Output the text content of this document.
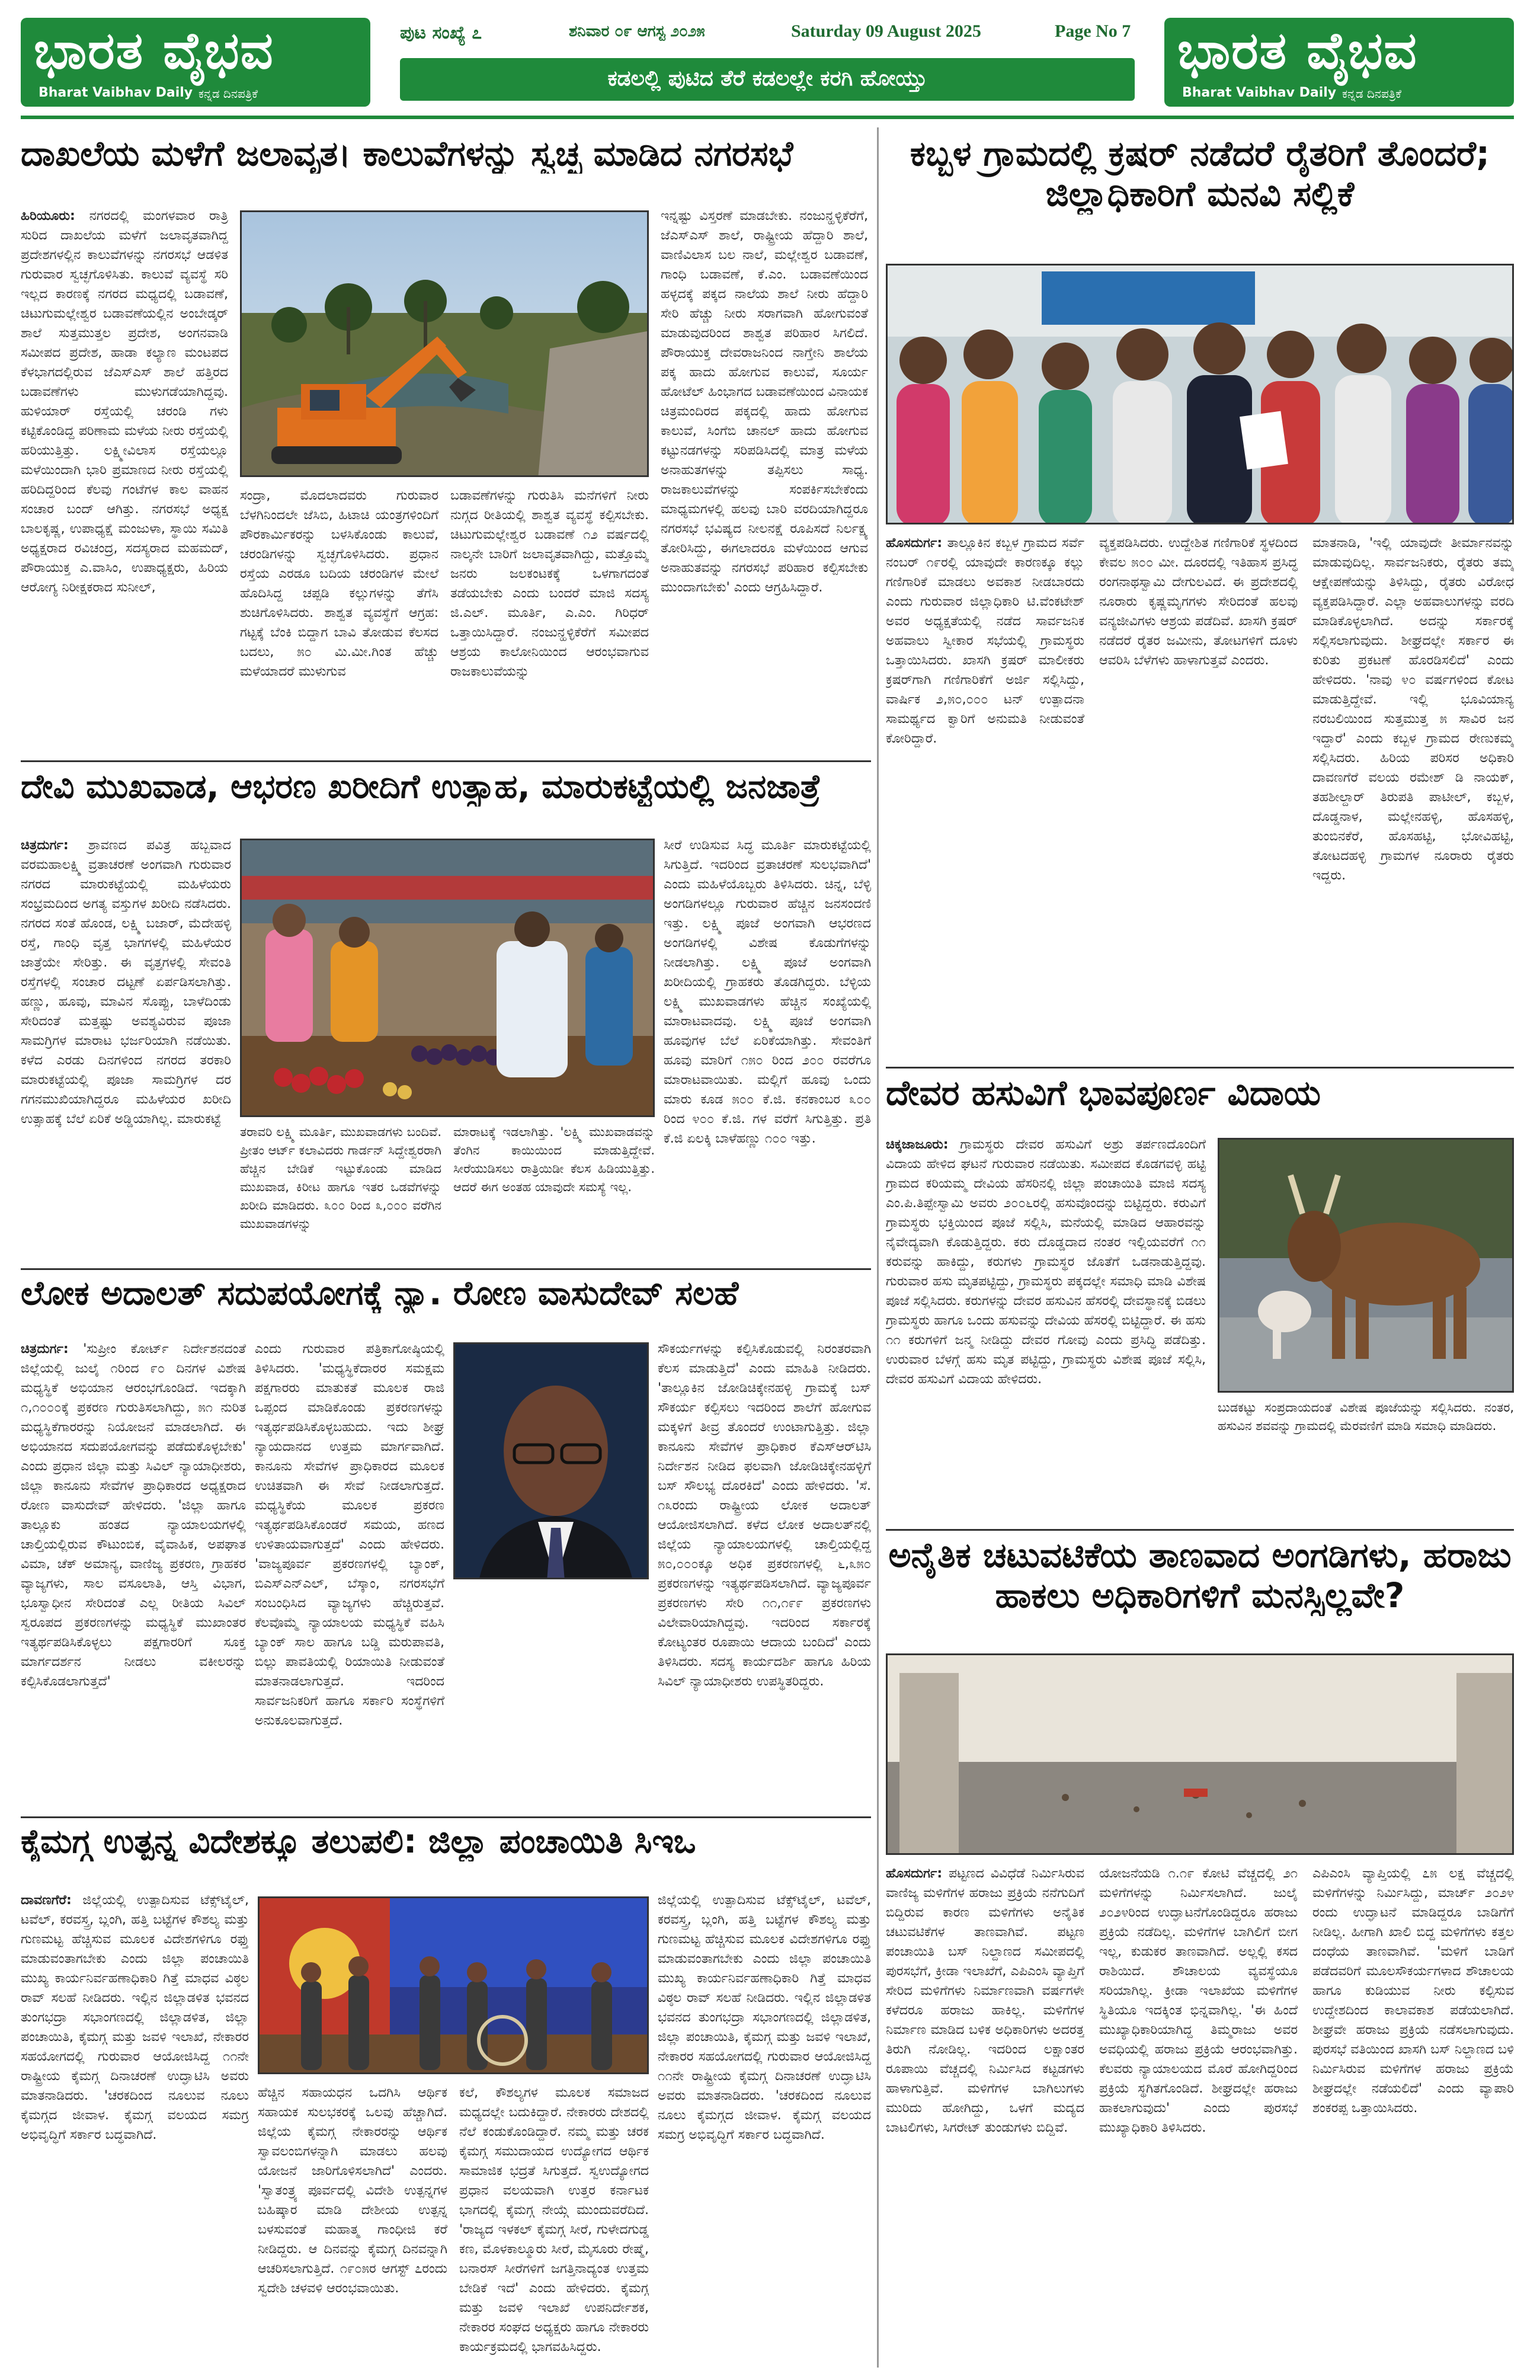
ಭಾರತ ವೈಭವ
Bharat Vaibhav Daily ಕನ್ನಡ ದಿನಪತ್ರಿಕೆ
ಪುಟ ಸಂಖ್ಯೆ ೭	ಶನಿವಾರ ೦೯ ಆಗಸ್ಟ ೨೦೨೫	Saturday 09 August 2025	Page No 7
ಕಡಲಲ್ಲಿ ಪುಟಿದ ತೆರೆ ಕಡಲಲ್ಲೇ ಕರಗಿ ಹೋಯ್ತು	ಭಾರತ ವೈಭವ
Bharat Vaibhav Daily ಕನ್ನಡ ದಿನಪತ್ರಿಕೆ
ದಾಖಲೆಯ ಮಳೆಗೆ ಜಲಾವೃತ। ಕಾಲುವೆಗಳನ್ನು ಸ್ವಚ್ಛ ಮಾಡಿದ ನಗರಸಭೆ
ಹಿರಿಯೂರು: ನಗರದಲ್ಲಿ ಮಂಗಳವಾರ ರಾತ್ರಿ ಸುರಿದ ದಾಖಲೆಯ ಮಳೆಗೆ ಜಲಾವೃತವಾಗಿದ್ದ ಪ್ರದೇಶಗಳಲ್ಲಿನ ಕಾಲುವೆಗಳನ್ನು ನಗರಸಭೆ ಆಡಳಿತ ಗುರುವಾರ ಸ್ವಚ್ಛಗೊಳಿಸಿತು. ಕಾಲುವೆ ವ್ಯವಸ್ಥೆ ಸರಿ ಇಲ್ಲದ ಕಾರಣಕ್ಕೆ ನಗರದ ಮಧ್ಯದಲ್ಲಿ ಬಡಾವಣೆ, ಚಿಟುಗುಮಲ್ಲೇಶ್ವರ ಬಡಾವಣೆಯಲ್ಲಿನ ಅಂಬೇಡ್ಕರ್ ಶಾಲೆ ಸುತ್ತಮುತ್ತಲ ಪ್ರದೇಶ, ಅಂಗನವಾಡಿ ಸಮೀಪದ ಪ್ರದೇಶ, ಹಾಡಾ ಕಲ್ಯಾಣ ಮಂಟಪದ ಕೆಳಭಾಗದಲ್ಲಿರುವ ಜೆಎಸ್ಎಸ್ ಶಾಲೆ ಹತ್ತಿರದ ಬಡಾವಣೆಗಳು ಮುಳುಗಡೆಯಾಗಿದ್ದವು. ಹುಳಿಯಾರ್ ರಸ್ತೆಯಲ್ಲಿ ಚರಂಡಿ ಗಳು ಕಟ್ಟಿಕೊಂಡಿದ್ದ ಪರಿಣಾಮ ಮಳೆಯ ನೀರು ರಸ್ತೆಯಲ್ಲಿ ಹರಿಯುತ್ತಿತ್ತು. ಲಕ್ಷ್ಮೀವಿಲಾಸ ರಸ್ತೆಯಲ್ಲೂ ಮಳೆಯಿಂದಾಗಿ ಭಾರಿ ಪ್ರಮಾಣದ ನೀರು ರಸ್ತೆಯಲ್ಲಿ ಹರಿದಿದ್ದರಿಂದ ಕೆಲವು ಗಂಟೆಗಳ ಕಾಲ ವಾಹನ ಸಂಚಾರ ಬಂದ್ ಆಗಿತ್ತು. ನಗರಸಭೆ ಅಧ್ಯಕ್ಷ ಬಾಲಕೃಷ್ಣ, ಉಪಾಧ್ಯಕ್ಷೆ ಮಂಜುಳಾ, ಸ್ಥಾಯಿ ಸಮಿತಿ ಅಧ್ಯಕ್ಷರಾದ ರವಿಚಂದ್ರ, ಸದಸ್ಯರಾದ ಮಹಮದ್, ಪೌರಾಯುಕ್ತ ಎ.ವಾಸಿಂ, ಉಪಾಧ್ಯಕ್ಷರು, ಹಿರಿಯ ಆರೋಗ್ಯ ನಿರೀಕ್ಷಕರಾದ ಸುನೀಲ್,
ಸಂದ್ರಾ, ಮೊದಲಾದವರು ಗುರುವಾರ ಬೆಳಗಿನಿಂದಲೇ ಜೆಸಿಬಿ, ಹಿಟಾಚಿ ಯಂತ್ರಗಳಿಂದಿಗೆ ಪೌರಕಾರ್ಮಿಕರನ್ನು ಬಳಸಿಕೊಂಡು ಕಾಲುವೆ, ಚರಂಡಿಗಳನ್ನು ಸ್ವಚ್ಛಗೊಳಿಸಿದರು. ಪ್ರಧಾನ ರಸ್ತೆಯ ಎರಡೂ ಬದಿಯ ಚರಂಡಿಗಳ ಮೇಲೆ ಹೊದಿಸಿದ್ದ ಚಪ್ಪಡಿ ಕಲ್ಲುಗಳನ್ನು ತೆಗೆಸಿ ಶುಚಿಗೊಳಿಸಿದರು. ಶಾಶ್ವತ ವ್ಯವಸ್ಥೆಗೆ ಆಗ್ರಹ: ಗಟ್ಟಕ್ಕೆ ಬೆಂಕಿ ಬಿದ್ದಾಗ ಬಾವಿ ತೋಡುವ ಕೆಲಸದ ಬದಲು, ೫೦ ಮಿ.ಮೀ.ಗಿಂತ ಹೆಚ್ಚು ಮಳೆಯಾದರೆ ಮುಳುಗುವ
ಬಡಾವಣೆಗಳನ್ನು ಗುರುತಿಸಿ ಮನೆಗಳಿಗೆ ನೀರು ನುಗ್ಗದ ರೀತಿಯಲ್ಲಿ ಶಾಶ್ವತ ವ್ಯವಸ್ಥೆ ಕಲ್ಪಿಸಬೇಕು. ಚಿಟುಗುಮಲ್ಲೇಶ್ವರ ಬಡಾವಣೆ ೧೨ ವರ್ಷದಲ್ಲಿ ನಾಲ್ಕನೇ ಬಾರಿಗೆ ಜಲಾವೃತವಾಗಿದ್ದು, ಮತ್ತೊಮ್ಮೆ ಜನರು ಜಲಕಂಟಕಕ್ಕೆ ಒಳಗಾಗದಂತೆ ತಡೆಯಬೇಕು ಎಂದು ಬಂದರೆ ಮಾಜಿ ಸದಸ್ಯ ಜಿ.ಎಲ್. ಮೂರ್ತಿ, ಎ.ಎಂ. ಗಿರಿಧರ್ ಒತ್ತಾಯಿಸಿದ್ದಾರೆ. ನಂಜುನ್ಹಳ್ಳಿಕೆರೆಗೆ ಸಮೀಪದ ಆಶ್ರಯ ಕಾಲೋನಿಯಿಂದ ಆರಂಭವಾಗುವ ರಾಜಕಾಲುವೆಯನ್ನು
ಇನ್ನಷ್ಟು ವಿಸ್ತರಣೆ ಮಾಡಬೇಕು. ನಂಜುನ್ಹಳ್ಳಿಕೆರೆಗೆ, ಜೆಎಸ್ಎಸ್ ಶಾಲೆ, ರಾಷ್ಟ್ರೀಯ ಹೆದ್ದಾರಿ ಶಾಲೆ, ವಾಣಿವಿಲಾಸ ಬಲ ನಾಲೆ, ಮಲ್ಲೇಶ್ವರ ಬಡಾವಣೆ, ಗಾಂಧಿ ಬಡಾವಣೆ, ಕೆ.ಎಂ. ಬಡಾವಣೆಯಿಂದ ಹಳ್ಳದಕ್ಕೆ ಪಕ್ಕದ ನಾಲೆಯ ಶಾಲೆ ನೀರು ಹೆದ್ದಾರಿ ಸೇರಿ ಹೆಚ್ಚು ನೀರು ಸರಾಗವಾಗಿ ಹೋಗುವಂತೆ ಮಾಡುವುದರಿಂದ ಶಾಶ್ವತ ಪರಿಹಾರ ಸಿಗಲಿದೆ. ಪೌರಾಯುಕ್ತ ದೇವರಾಜನಿಂದ ನಾಗ್ತೇನಿ ಶಾಲೆಯ ಪಕ್ಕ ಹಾದು ಹೋಗುವ ಕಾಲುವೆ, ಸೂರ್ಯ ಹೋಟೆಲ್ ಹಿಂಭಾಗದ ಬಡಾವಣೆಯಿಂದ ವಿನಾಯಕ ಚಿತ್ರಮಂದಿರದ ಪಕ್ಕದಲ್ಲಿ ಹಾದು ಹೋಗುವ ಕಾಲುವೆ, ಸಿಂಗೆಬಿ ಚಾನಲ್ ಹಾದು ಹೋಗುವ ಕಟ್ಟುನಡಗಳನ್ನು ಸರಿಪಡಿಸಿದಲ್ಲಿ ಮಾತ್ರ ಮಳೆಯ ಅನಾಹುತಗಳನ್ನು ತಪ್ಪಿಸಲು ಸಾಧ್ಯ. ರಾಜಕಾಲುವೆಗಳನ್ನು ಸಂಪರ್ಕಿಸಬೇಕೆಂದು ಮಾಧ್ಯಮಗಳಲ್ಲಿ ಹಲವು ಬಾರಿ ವರದಿಯಾಗಿದ್ದರೂ ನಗರಸಭೆ ಭವಿಷ್ಯದ ನೀಲನಕ್ಷೆ ರೂಪಿಸದೆ ನಿರ್ಲಕ್ಷ್ಯ ತೋರಿಸಿದ್ದು, ಈಗಲಾದರೂ ಮಳೆಯಿಂದ ಆಗುವ ಅನಾಹುತವನ್ನು ನಗರಸಭೆ ಪರಿಹಾರ ಕಲ್ಪಿಸಬೇಕು ಮುಂದಾಗಬೇಕು' ಎಂದು ಆಗ್ರಹಿಸಿದ್ದಾರೆ.
ದೇವಿ ಮುಖವಾಡ, ಆಭರಣ ಖರೀದಿಗೆ ಉತ್ಸಾಹ, ಮಾರುಕಟ್ಟೆಯಲ್ಲಿ ಜನಜಾತ್ರೆ
ಚಿತ್ರದುರ್ಗ: ಶ್ರಾವಣದ ಪವಿತ್ರ ಹಬ್ಬವಾದ ವರಮಹಾಲಕ್ಷ್ಮಿ ವ್ರತಾಚರಣೆ ಅಂಗವಾಗಿ ಗುರುವಾರ ನಗರದ ಮಾರುಕಟ್ಟೆಯಲ್ಲಿ ಮಹಿಳೆಯರು ಸಂಭ್ರಮದಿಂದ ಅಗತ್ಯ ವಸ್ತುಗಳ ಖರೀದಿ ನಡೆಸಿದರು. ನಗರದ ಸಂತೆ ಹೊಂಡ, ಲಕ್ಷ್ಮಿ ಬಜಾರ್, ಮೆದೇಹಳ್ಳಿ ರಸ್ತೆ, ಗಾಂಧಿ ವೃತ್ತ ಭಾಗಗಳಲ್ಲಿ ಮಹಿಳೆಯರ ಜಾತ್ರೆಯೇ ಸೇರಿತ್ತು. ಈ ವೃತ್ತಗಳಲ್ಲಿ ಸೇವಂತಿ ರಸ್ತೆಗಳಲ್ಲಿ ಸಂಚಾರ ದಟ್ಟಣೆ ಏರ್ಪಡಿಸಲಾಗಿತ್ತು. ಹಣ್ಣು, ಹೂವು, ಮಾವಿನ ಸೊಪ್ಪು, ಬಾಳೆದಿಂಡು ಸೇರಿದಂತೆ ಮತ್ತಷ್ಟು ಅವಶ್ಯವಿರುವ ಪೂಜಾ ಸಾಮಗ್ರಿಗಳ ಮಾರಾಟ ಭರ್ಜರಿಯಾಗಿ ನಡೆಯಿತು. ಕಳೆದ ಎರಡು ದಿನಗಳಿಂದ ನಗರದ ತರಕಾರಿ ಮಾರುಕಟ್ಟೆಯಲ್ಲಿ ಪೂಜಾ ಸಾಮಗ್ರಿಗಳ ದರ ಗಗನಮುಖಿಯಾಗಿದ್ದರೂ ಮಹಿಳೆಯರ ಖರೀದಿ ಉತ್ಸಾಹಕ್ಕೆ ಬೆಲೆ ಏರಿಕೆ ಅಡ್ಡಿಯಾಗಿಲ್ಲ. ಮಾರುಕಟ್ಟೆ
ತರಾವರಿ ಲಕ್ಷ್ಮಿ ಮೂರ್ತಿ, ಮುಖವಾಡಗಳು ಬಂದಿವೆ. ಪ್ರೀತಂ ಆರ್ಟ್ ಕಲಾವಿದರು ಗಾರ್ಡನ್ ಸಿದ್ದೇಶ್ವರರಾಗಿ ಹೆಚ್ಚಿನ ಬೇಡಿಕೆ ಇಟ್ಟುಕೊಂಡು ಮಾಡಿದ ಮುಖವಾಡ, ಕಿರೀಟ ಹಾಗೂ ಇತರ ಒಡವೆಗಳನ್ನು ಖರೀದಿ ಮಾಡಿದರು. ೩೦೦ ರಿಂದ ೩,೦೦೦ ವರೆಗಿನ ಮುಖವಾಡಗಳನ್ನು
ಮಾರಾಟಕ್ಕೆ ಇಡಲಾಗಿತ್ತು. 'ಲಕ್ಷ್ಮಿ ಮುಖವಾಡವನ್ನು ತೆಂಗಿನ ಕಾಯಿಯಿಂದ ಮಾಡುತ್ತಿದ್ದೇವೆ. ಸೀರೆಯುಡಿಸಲು ರಾತ್ರಿಯಿಡೀ ಕೆಲಸ ಹಿಡಿಯುತ್ತಿತ್ತು. ಆದರೆ ಈಗ ಅಂತಹ ಯಾವುದೇ ಸಮಸ್ಯೆ ಇಲ್ಲ.
ಸೀರೆ ಉಡಿಸುವ ಸಿದ್ಧ ಮೂರ್ತಿ ಮಾರುಕಟ್ಟೆಯಲ್ಲಿ ಸಿಗುತ್ತಿದೆ. ಇದರಿಂದ ವ್ರತಾಚರಣೆ ಸುಲಭವಾಗಿದೆ' ಎಂದು ಮಹಿಳೆಯೊಬ್ಬರು ತಿಳಿಸಿದರು. ಚಿನ್ನ, ಬೆಳ್ಳಿ ಅಂಗಡಿಗಳಲ್ಲೂ ಗುರುವಾರ ಹೆಚ್ಚಿನ ಜನಸಂದಣಿ ಇತ್ತು. ಲಕ್ಷ್ಮಿ ಪೂಜೆ ಅಂಗವಾಗಿ ಆಭರಣದ ಅಂಗಡಿಗಳಲ್ಲಿ ವಿಶೇಷ ಕೊಡುಗೆಗಳನ್ನು ನೀಡಲಾಗಿತ್ತು. ಲಕ್ಷ್ಮಿ ಪೂಜೆ ಅಂಗವಾಗಿ ಖರೀದಿಯಲ್ಲಿ ಗ್ರಾಹಕರು ತೊಡಗಿದ್ದರು. ಬೆಳ್ಳಿಯ ಲಕ್ಷ್ಮಿ ಮುಖವಾಡಗಳು ಹೆಚ್ಚಿನ ಸಂಖ್ಯೆಯಲ್ಲಿ ಮಾರಾಟವಾದವು. ಲಕ್ಷ್ಮಿ ಪೂಜೆ ಅಂಗವಾಗಿ ಹೂವುಗಳ ಬೆಲೆ ಏರಿಕೆಯಾಗಿತ್ತು. ಸೇವಂತಿಗೆ ಹೂವು ಮಾರಿಗೆ ೧೫೦ ರಿಂದ ೨೦೦ ರವರೆಗೂ ಮಾರಾಟವಾಯಿತು. ಮಲ್ಲಿಗೆ ಹೂವು ಒಂದು ಮಾರು ಕೂಡ ೫೦೦ ಕೆ.ಜಿ. ಕನಕಾಂಬರ ೩೦೦ ರಿಂದ ೪೦೦ ಕೆ.ಜಿ. ಗಳ ವರೆಗೆ ಸಿಗುತ್ತಿತ್ತು. ಪ್ರತಿ ಕೆ.ಜಿ ಏಲಕ್ಕಿ ಬಾಳೆಹಣ್ಣು ೧೦೦ ಇತ್ತು.
ಲೋಕ ಅದಾಲತ್ ಸದುಪಯೋಗಕ್ಕೆ ನ್ಯಾ. ರೋಣ ವಾಸುದೇವ್ ಸಲಹೆ
ಚಿತ್ರದುರ್ಗ: 'ಸುಪ್ರೀಂ ಕೋರ್ಟ್ ನಿರ್ದೇಶನದಂತೆ ಜಿಲ್ಲೆಯಲ್ಲಿ ಜುಲೈ ೧ರಿಂದ ೯೦ ದಿನಗಳ ವಿಶೇಷ ಮಧ್ಯಸ್ಥಿಕೆ ಅಭಿಯಾನ ಆರಂಭಗೊಂಡಿದೆ. ಇದಕ್ಕಾಗಿ ೧,೧೦೦೦ಕ್ಕೆ ಪ್ರಕರಣ ಗುರುತಿಸಲಾಗಿದ್ದು, ೫೧ ನುರಿತ ಮಧ್ಯಸ್ಥಿಕೆಗಾರರನ್ನು ನಿಯೋಜನೆ ಮಾಡಲಾಗಿದೆ. ಈ ಅಭಿಯಾನದ ಸದುಪಯೋಗವನ್ನು ಪಡೆದುಕೊಳ್ಳಬೇಕು' ಎಂದು ಪ್ರಧಾನ ಜಿಲ್ಲಾ ಮತ್ತು ಸಿವಿಲ್ ನ್ಯಾಯಾಧೀಶರು, ಜಿಲ್ಲಾ ಕಾನೂನು ಸೇವೆಗಳ ಪ್ರಾಧಿಕಾರದ ಅಧ್ಯಕ್ಷರಾದ ರೋಣ ವಾಸುದೇವ್ ಹೇಳಿದರು. 'ಜಿಲ್ಲಾ ಹಾಗೂ ತಾಲ್ಲೂಕು ಹಂತದ ನ್ಯಾಯಾಲಯಗಳಲ್ಲಿ ಚಾಲ್ತಿಯಲ್ಲಿರುವ ಕೌಟುಂಬಿಕ, ವೈವಾಹಿಕ, ಅಪಘಾತ ವಿಮಾ, ಚೆಕ್ ಅಮಾನ್ಯ, ವಾಣಿಜ್ಯ ಪ್ರಕರಣ, ಗ್ರಾಹಕರ ವ್ಯಾಜ್ಯಗಳು, ಸಾಲ ವಸೂಲಾತಿ, ಆಸ್ತಿ ವಿಭಾಗ, ಭೂಸ್ವಾಧೀನ ಸೇರಿದಂತೆ ಎಲ್ಲ ರೀತಿಯ ಸಿವಿಲ್ ಸ್ವರೂಪದ ಪ್ರಕರಣಗಳನ್ನು ಮಧ್ಯಸ್ಥಿಕೆ ಮುಖಾಂತರ ಇತ್ಯರ್ಥಪಡಿಸಿಕೊಳ್ಳಲು ಪಕ್ಷಗಾರರಿಗೆ ಸೂಕ್ತ ಮಾರ್ಗದರ್ಶನ ನೀಡಲು ವಕೀಲರನ್ನು ಕಲ್ಪಿಸಿಕೊಡಲಾಗುತ್ತದೆ'
ಎಂದು ಗುರುವಾರ ಪತ್ರಿಕಾಗೋಷ್ಠಿಯಲ್ಲಿ ತಿಳಿಸಿದರು. 'ಮಧ್ಯಸ್ಥಿಕೆದಾರರ ಸಮಕ್ಷಮ ಪಕ್ಷಗಾರರು ಮಾತುಕತೆ ಮೂಲಕ ರಾಜಿ ಒಪ್ಪಂದ ಮಾಡಿಕೊಂಡು ಪ್ರಕರಣಗಳನ್ನು ಇತ್ಯರ್ಥಪಡಿಸಿಕೊಳ್ಳಬಹುದು. ಇದು ಶೀಘ್ರ ನ್ಯಾಯದಾನದ ಉತ್ತಮ ಮಾರ್ಗವಾಗಿದೆ. ಕಾನೂನು ಸೇವೆಗಳ ಪ್ರಾಧಿಕಾರದ ಮೂಲಕ ಉಚಿತವಾಗಿ ಈ ಸೇವೆ ನೀಡಲಾಗುತ್ತದೆ. ಮಧ್ಯಸ್ಥಿಕೆಯ ಮೂಲಕ ಪ್ರಕರಣ ಇತ್ಯರ್ಥಪಡಿಸಿಕೊಂಡರೆ ಸಮಯ, ಹಣದ ಉಳಿತಾಯವಾಗುತ್ತದೆ' ಎಂದು ಹೇಳಿದರು. 'ವಾಜ್ಯಪೂರ್ವ ಪ್ರಕರಣಗಳಲ್ಲಿ ಬ್ಯಾಂಕ್, ಬಿಎಸ್ಎನ್ಎಲ್, ಬೆಸ್ಕಾಂ, ನಗರಸಭೆಗೆ ಸಂಬಂಧಿಸಿದ ವ್ಯಾಜ್ಯಗಳು ಹೆಚ್ಚಿರುತ್ತವೆ. ಕೆಲವೊಮ್ಮೆ ನ್ಯಾಯಾಲಯ ಮಧ್ಯಸ್ಥಿಕೆ ವಹಿಸಿ ಬ್ಯಾಂಕ್ ಸಾಲ ಹಾಗೂ ಬಡ್ಡಿ ಮರುಪಾವತಿ, ಬಿಲ್ಲು ಪಾವತಿಯಲ್ಲಿ ರಿಯಾಯಿತಿ ನೀಡುವಂತೆ ಮಾತನಾಡಲಾಗುತ್ತದೆ. ಇದರಿಂದ ಸಾರ್ವಜನಿಕರಿಗೆ ಹಾಗೂ ಸರ್ಕಾರಿ ಸಂಸ್ಥೆಗಳಿಗೆ ಅನುಕೂಲವಾಗುತ್ತದೆ.
ಸೌಕರ್ಯಗಳನ್ನು ಕಲ್ಪಿಸಿಕೊಡುವಲ್ಲಿ ನಿರಂತರವಾಗಿ ಕೆಲಸ ಮಾಡುತ್ತಿದೆ' ಎಂದು ಮಾಹಿತಿ ನೀಡಿದರು. 'ತಾಲ್ಲೂಕಿನ ಜೋಡಿಚಿಕ್ಕೇನಹಳ್ಳಿ ಗ್ರಾಮಕ್ಕೆ ಬಸ್ ಸೌಕರ್ಯ ಕಲ್ಪಿಸಲು ಇದರಿಂದ ಶಾಲೆಗೆ ಹೋಗುವ ಮಕ್ಕಳಿಗೆ ತೀವ್ರ ತೊಂದರೆ ಉಂಟಾಗುತ್ತಿತ್ತು. ಜಿಲ್ಲಾ ಕಾನೂನು ಸೇವೆಗಳ ಪ್ರಾಧಿಕಾರ ಕೆಎಸ್ಆರ್‌ಟಿಸಿ ನಿರ್ದೇಶನ ನೀಡಿದ ಫಲವಾಗಿ ಜೋಡಿಚಿಕ್ಕೇನಹಳ್ಳಿಗೆ ಬಸ್ ಸೌಲಭ್ಯ ದೊರಕಿದೆ' ಎಂದು ಹೇಳಿದರು. 'ಸೆ. ೧೩ರಂದು ರಾಷ್ಟ್ರೀಯ ಲೋಕ ಅದಾಲತ್ ಆಯೋಜಿಸಲಾಗಿದೆ. ಕಳೆದ ಲೋಕ ಅದಾಲತ್‌ನಲ್ಲಿ ಜಿಲ್ಲೆಯ ನ್ಯಾಯಾಲಯಗಳಲ್ಲಿ ಚಾಲ್ತಿಯಲ್ಲಿದ್ದ ೫೦,೦೦೦ಕ್ಕೂ ಅಧಿಕ ಪ್ರಕರಣಗಳಲ್ಲಿ ೬,೩೫೦ ಪ್ರಕರಣಗಳನ್ನು ಇತ್ಯರ್ಥಪಡಿಸಲಾಗಿದೆ. ವ್ಯಾಜ್ಯಪೂರ್ವ ಪ್ರಕರಣಗಳು ಸೇರಿ ೧೧,೧೯೯ ಪ್ರಕರಣಗಳು ವಿಲೇವಾರಿಯಾಗಿದ್ದವು. ಇದರಿಂದ ಸರ್ಕಾರಕ್ಕೆ ಕೋಟ್ಯಂತರ ರೂಪಾಯಿ ಆದಾಯ ಬಂದಿದೆ' ಎಂದು ತಿಳಿಸಿದರು. ಸದಸ್ಯ ಕಾರ್ಯದರ್ಶಿ ಹಾಗೂ ಹಿರಿಯ ಸಿವಿಲ್ ನ್ಯಾಯಾಧೀಶರು ಉಪಸ್ಥಿತರಿದ್ದರು.
ಕೈಮಗ್ಗ ಉತ್ಪನ್ನ ವಿದೇಶಕ್ಕೂ ತಲುಪಲಿ: ಜಿಲ್ಲಾ ಪಂಚಾಯಿತಿ ಸಿಇಒ
ದಾವಣಗೆರೆ: ಜಿಲ್ಲೆಯಲ್ಲಿ ಉತ್ಪಾದಿಸುವ ಟೆಕ್ಸ್‌ಟೈಲ್, ಟವೆಲ್, ಕರವಸ್ತ್ರ, ಬ್ಲಂಗಿ, ಹತ್ತಿ ಬಟ್ಟೆಗಳ ಕೌಶಲ್ಯ ಮತ್ತು ಗುಣಮಟ್ಟ ಹೆಚ್ಚಿಸುವ ಮೂಲಕ ವಿದೇಶಗಳಿಗೂ ರಫ್ತು ಮಾಡುವಂತಾಗಬೇಕು ಎಂದು ಜಿಲ್ಲಾ ಪಂಚಾಯಿತಿ ಮುಖ್ಯ ಕಾರ್ಯನಿರ್ವಹಣಾಧಿಕಾರಿ ಗಿತ್ತೆ ಮಾಧವ ವಿಠ್ಠಲ ರಾವ್ ಸಲಹೆ ನೀಡಿದರು. ಇಲ್ಲಿನ ಜಿಲ್ಲಾಡಳಿತ ಭವನದ ತುಂಗಭದ್ರಾ ಸಭಾಂಗಣದಲ್ಲಿ ಜಿಲ್ಲಾಡಳಿತ, ಜಿಲ್ಲಾ ಪಂಚಾಯಿತಿ, ಕೈಮಗ್ಗ ಮತ್ತು ಜವಳಿ ಇಲಾಖೆ, ನೇಕಾರರ ಸಹಯೋಗದಲ್ಲಿ ಗುರುವಾರ ಆಯೋಜಿಸಿದ್ದ ೧೧ನೇ ರಾಷ್ಟ್ರೀಯ ಕೈಮಗ್ಗ ದಿನಾಚರಣೆ ಉದ್ಘಾಟಿಸಿ ಅವರು ಮಾತನಾಡಿದರು. 'ಚರಕದಿಂದ ನೂಲುವ ನೂಲು ಕೈಮಗ್ಗದ ಜೀವಾಳ. ಕೈಮಗ್ಗ ವಲಯದ ಸಮಗ್ರ ಅಭಿವೃದ್ಧಿಗೆ ಸರ್ಕಾರ ಬದ್ಧವಾಗಿದೆ.
ಹೆಚ್ಚಿನ ಸಹಾಯಧನ ಒದಗಿಸಿ ಆರ್ಥಿಕ ಸಹಾಯಕ ಸುಲಭಕರಕ್ಕೆ ಒಲವು ಹೆಚ್ಚಾಗಿದೆ. ಜಿಲ್ಲೆಯ ಕೈಮಗ್ಗ ನೇಕಾರರನ್ನು ಆರ್ಥಿಕ ಸ್ವಾವಲಂಬಿಗಳನ್ನಾಗಿ ಮಾಡಲು ಹಲವು ಯೋಜನೆ ಜಾರಿಗೊಳಿಸಲಾಗಿದೆ' ಎಂದರು. 'ಸ್ವಾತಂತ್ರ್ಯ ಪೂರ್ವದಲ್ಲಿ ವಿದೇಶಿ ಉತ್ಪನ್ನಗಳ ಬಹಿಷ್ಕಾರ ಮಾಡಿ ದೇಶೀಯ ಉತ್ಪನ್ನ ಬಳಸುವಂತೆ ಮಹಾತ್ಮ ಗಾಂಧೀಜಿ ಕರೆ ನೀಡಿದ್ದರು. ಆ ದಿನವನ್ನು ಕೈಮಗ್ಗ ದಿನವನ್ನಾಗಿ ಆಚರಿಸಲಾಗುತ್ತಿದೆ. ೧೯೦೫ರ ಆಗಸ್ಟ್ ೭ರಂದು ಸ್ವದೇಶಿ ಚಳವಳಿ ಆರಂಭವಾಯಿತು.
ಕಲೆ, ಕೌಶಲ್ಯಗಳ ಮೂಲಕ ಸಮಾಜದ ಮಧ್ಯದಲ್ಲೇ ಬದುಕಿದ್ದಾರೆ. ನೇಕಾರರು ದೇಶದಲ್ಲಿ ನೆಲೆ ಕಂಡುಕೊಂಡಿದ್ದಾರೆ. ನಮ್ಮ ಮತ್ತು ಚರಕ ಕೈಮಗ್ಗ ಸಮುದಾಯದ ಉದ್ಯೋಗದ ಆರ್ಥಿಕ ಸಾಮಾಜಿಕ ಭದ್ರತೆ ಸಿಗುತ್ತದೆ. ಸ್ವಉದ್ಯೋಗದ ಪ್ರಧಾನ ವಲಯವಾಗಿ ಉತ್ತರ ಕರ್ನಾಟಕ ಭಾಗದಲ್ಲಿ ಕೈಮಗ್ಗ ನೇಯ್ಗೆ ಮುಂದುವರೆದಿದೆ. 'ರಾಜ್ಯದ ಇಳಕಲ್ ಕೈಮಗ್ಗ ಸೀರೆ, ಗುಳೇದಗುಡ್ಡ ಕಣ, ಮೊಳಕಾಲ್ಮೂರು ಸೀರೆ, ಮೈಸೂರು ರೇಷ್ಮೆ, ಬನಾರಸ್ ಸೀರೆಗಳಿಗೆ ಜಗತ್ತಿನಾದ್ಯಂತ ಉತ್ತಮ ಬೇಡಿಕೆ ಇದೆ' ಎಂದು ಹೇಳಿದರು. ಕೈಮಗ್ಗ ಮತ್ತು ಜವಳಿ ಇಲಾಖೆ ಉಪನಿರ್ದೇಶಕ, ನೇಕಾರರ ಸಂಘದ ಅಧ್ಯಕ್ಷರು ಹಾಗೂ ನೇಕಾರರು ಕಾರ್ಯಕ್ರಮದಲ್ಲಿ ಭಾಗವಹಿಸಿದ್ದರು.
ಜಿಲ್ಲೆಯಲ್ಲಿ ಉತ್ಪಾದಿಸುವ ಟೆಕ್ಸ್‌ಟೈಲ್, ಟವೆಲ್, ಕರವಸ್ತ್ರ, ಬ್ಲಂಗಿ, ಹತ್ತಿ ಬಟ್ಟೆಗಳ ಕೌಶಲ್ಯ ಮತ್ತು ಗುಣಮಟ್ಟ ಹೆಚ್ಚಿಸುವ ಮೂಲಕ ವಿದೇಶಗಳಿಗೂ ರಫ್ತು ಮಾಡುವಂತಾಗಬೇಕು ಎಂದು ಜಿಲ್ಲಾ ಪಂಚಾಯಿತಿ ಮುಖ್ಯ ಕಾರ್ಯನಿರ್ವಹಣಾಧಿಕಾರಿ ಗಿತ್ತೆ ಮಾಧವ ವಿಠ್ಠಲ ರಾವ್ ಸಲಹೆ ನೀಡಿದರು. ಇಲ್ಲಿನ ಜಿಲ್ಲಾಡಳಿತ ಭವನದ ತುಂಗಭದ್ರಾ ಸಭಾಂಗಣದಲ್ಲಿ ಜಿಲ್ಲಾಡಳಿತ, ಜಿಲ್ಲಾ ಪಂಚಾಯಿತಿ, ಕೈಮಗ್ಗ ಮತ್ತು ಜವಳಿ ಇಲಾಖೆ, ನೇಕಾರರ ಸಹಯೋಗದಲ್ಲಿ ಗುರುವಾರ ಆಯೋಜಿಸಿದ್ದ ೧೧ನೇ ರಾಷ್ಟ್ರೀಯ ಕೈಮಗ್ಗ ದಿನಾಚರಣೆ ಉದ್ಘಾಟಿಸಿ ಅವರು ಮಾತನಾಡಿದರು. 'ಚರಕದಿಂದ ನೂಲುವ ನೂಲು ಕೈಮಗ್ಗದ ಜೀವಾಳ. ಕೈಮಗ್ಗ ವಲಯದ ಸಮಗ್ರ ಅಭಿವೃದ್ಧಿಗೆ ಸರ್ಕಾರ ಬದ್ಧವಾಗಿದೆ.
ಕಬ್ಬಳ ಗ್ರಾಮದಲ್ಲಿ ಕ್ರಷರ್ ನಡೆದರೆ ರೈತರಿಗೆ ತೊಂದರೆ; ಜಿಲ್ಲಾಧಿಕಾರಿಗೆ ಮನವಿ ಸಲ್ಲಿಕೆ
ಹೊಸದುರ್ಗ: ತಾಲ್ಲೂಕಿನ ಕಬ್ಬಳ ಗ್ರಾಮದ ಸರ್ವೆ ನಂಬರ್ ೧೯ರಲ್ಲಿ ಯಾವುದೇ ಕಾರಣಕ್ಕೂ ಕಲ್ಲು ಗಣಿಗಾರಿಕೆ ಮಾಡಲು ಅವಕಾಶ ನೀಡಬಾರದು ಎಂದು ಗುರುವಾರ ಜಿಲ್ಲಾಧಿಕಾರಿ ಟಿ.ವೆಂಕಟೇಶ್ ಅವರ ಅಧ್ಯಕ್ಷತೆಯಲ್ಲಿ ನಡೆದ ಸಾರ್ವಜನಿಕ ಅಹವಾಲು ಸ್ವೀಕಾರ ಸಭೆಯಲ್ಲಿ ಗ್ರಾಮಸ್ಥರು ಒತ್ತಾಯಿಸಿದರು. ಖಾಸಗಿ ಕ್ರಷರ್ ಮಾಲೀಕರು ಕ್ರಷರ್‌ಗಾಗಿ ಗಣಿಗಾರಿಕೆಗೆ ಅರ್ಜಿ ಸಲ್ಲಿಸಿದ್ದು, ವಾರ್ಷಿಕ ೨,೫೦,೦೦೦ ಟನ್ ಉತ್ಪಾದನಾ ಸಾಮರ್ಥ್ಯದ ಕ್ವಾರಿಗೆ ಅನುಮತಿ ನೀಡುವಂತೆ ಕೋರಿದ್ದಾರೆ.
ವ್ಯಕ್ತಪಡಿಸಿದರು. ಉದ್ದೇಶಿತ ಗಣಿಗಾರಿಕೆ ಸ್ಥಳದಿಂದ ಕೇವಲ ೫೦೦ ಮೀ. ದೂರದಲ್ಲಿ ಇತಿಹಾಸ ಪ್ರಸಿದ್ಧ ರಂಗನಾಥಸ್ವಾಮಿ ದೇಗುಲವಿದೆ. ಈ ಪ್ರದೇಶದಲ್ಲಿ ನೂರಾರು ಕೃಷ್ಣಮೃಗಗಳು ಸೇರಿದಂತೆ ಹಲವು ವನ್ಯಜೀವಿಗಳು ಆಶ್ರಯ ಪಡೆದಿವೆ. ಖಾಸಗಿ ಕ್ರಷರ್ ನಡೆದರೆ ರೈತರ ಜಮೀನು, ತೋಟಗಳಿಗೆ ದೂಳು ಆವರಿಸಿ ಬೆಳೆಗಳು ಹಾಳಾಗುತ್ತವೆ ಎಂದರು.
ಮಾತನಾಡಿ, 'ಇಲ್ಲಿ ಯಾವುದೇ ತೀರ್ಮಾನವನ್ನು ಮಾಡುವುದಿಲ್ಲ. ಸಾರ್ವಜನಿಕರು, ರೈತರು ತಮ್ಮ ಆಕ್ಷೇಪಣೆಯನ್ನು ತಿಳಿಸಿದ್ದು, ರೈತರು ವಿರೋಧ ವ್ಯಕ್ತಪಡಿಸಿದ್ದಾರೆ. ಎಲ್ಲಾ ಅಹವಾಲುಗಳನ್ನು ವರದಿ ಮಾಡಿಕೊಳ್ಳಲಾಗಿದೆ. ಅದನ್ನು ಸರ್ಕಾರಕ್ಕೆ ಸಲ್ಲಿಸಲಾಗುವುದು. ಶೀಘ್ರದಲ್ಲೇ ಸರ್ಕಾರ ಈ ಕುರಿತು ಪ್ರಕಟಣೆ ಹೊರಡಿಸಲಿದೆ' ಎಂದು ಹೇಳಿದರು. 'ನಾವು ೪೦ ವರ್ಷಗಳಿಂದ ಕೋಟ ಮಾಡುತ್ತಿದ್ದೇವೆ. ಇಲ್ಲಿ ಭೂವಿಯಾನ್ಯ ನರಬಲಿಯಿಂದ ಸುತ್ತಮುತ್ತ ೫ ಸಾವಿರ ಜನ ಇದ್ದಾರೆ' ಎಂದು ಕಬ್ಬಳ ಗ್ರಾಮದ ರೇಣುಕಮ್ಮ ಸಲ್ಲಿಸಿದರು. ಹಿರಿಯ ಪರಿಸರ ಅಧಿಕಾರಿ ದಾವಣಗೆರೆ ವಲಯ ರಮೇಶ್ ಡಿ ನಾಯಕ್, ತಹಶೀಲ್ದಾರ್ ತಿರುಪತಿ ಪಾಟೀಲ್, ಕಬ್ಬಳ, ದೊಡ್ಡನಾಳ, ಮಲ್ಲೇನಹಳ್ಳಿ, ಹೊಸಹಳ್ಳಿ, ತುಂಬಿನಕೆರೆ, ಹೊಸಹಟ್ಟಿ, ಭೋವಿಹಟ್ಟಿ, ತೋಟದಹಳ್ಳಿ ಗ್ರಾಮಗಳ ನೂರಾರು ರೈತರು ಇದ್ದರು.
ದೇವರ ಹಸುವಿಗೆ ಭಾವಪೂರ್ಣ ವಿದಾಯ
ಚಿಕ್ಕಜಾಜೂರು: ಗ್ರಾಮಸ್ಥರು ದೇವರ ಹಸುವಿಗೆ ಅಶ್ರು ತರ್ಪಣದೊಂದಿಗೆ ವಿದಾಯ ಹೇಳಿದ ಘಟನೆ ಗುರುವಾರ ನಡೆಯಿತು. ಸಮೀಪದ ಕೊಡಗವಳ್ಳಿ ಹಟ್ಟಿ ಗ್ರಾಮದ ಕರಿಯಮ್ಮ ದೇವಿಯ ಹೆಸರಿನಲ್ಲಿ ಜಿಲ್ಲಾ ಪಂಚಾಯಿತಿ ಮಾಜಿ ಸದಸ್ಯ ಎಂ.ಪಿ.ತಿಪ್ಪೇಸ್ವಾಮಿ ಅವರು ೨೦೦೬ರಲ್ಲಿ ಹಸುವೊಂದನ್ನು ಬಿಟ್ಟಿದ್ದರು. ಕರುವಿಗೆ ಗ್ರಾಮಸ್ಥರು ಭಕ್ತಿಯಿಂದ ಪೂಜೆ ಸಲ್ಲಿಸಿ, ಮನೆಯಲ್ಲಿ ಮಾಡಿದ ಆಹಾರವನ್ನು ನೈವೇದ್ಯವಾಗಿ ಕೊಡುತ್ತಿದ್ದರು. ಕರು ದೊಡ್ಡದಾದ ನಂತರ ಇಲ್ಲಿಯವರೆಗೆ ೧೧ ಕರುವನ್ನು ಹಾಕಿದ್ದು, ಕರುಗಳು ಗ್ರಾಮಸ್ಥರ ಜೊತೆಗೆ ಒಡನಾಡುತ್ತಿದ್ದವು. ಗುರುವಾರ ಹಸು ಮೃತಪಟ್ಟಿದ್ದು, ಗ್ರಾಮಸ್ಥರು ಪಕ್ಕದಲ್ಲೇ ಸಮಾಧಿ ಮಾಡಿ ವಿಶೇಷ ಪೂಜೆ ಸಲ್ಲಿಸಿದರು. ಕರುಗಳನ್ನು ದೇವರ ಹಸುವಿನ ಹೆಸರಲ್ಲಿ ದೇವಸ್ಥಾನಕ್ಕೆ ಬಿಡಲು ಗ್ರಾಮಸ್ಥರು ಹಾಗೂ ಒಂದು ಹಸುವನ್ನು ದೇವಿಯ ಹೆಸರಲ್ಲಿ ಬಿಟ್ಟಿದ್ದಾರೆ. ಈ ಹಸು ೧೧ ಕರುಗಳಿಗೆ ಜನ್ಮ ನೀಡಿದ್ದು ದೇವರ ಗೋವು ಎಂದು ಪ್ರಸಿದ್ಧಿ ಪಡೆದಿತ್ತು. ಉರುವಾರ ಬೆಳಗ್ಗೆ ಹಸು ಮೃತ ಪಟ್ಟಿದ್ದು, ಗ್ರಾಮಸ್ಥರು ವಿಶೇಷ ಪೂಜೆ ಸಲ್ಲಿಸಿ, ದೇವರ ಹಸುವಿಗೆ ವಿದಾಯ ಹೇಳಿದರು.
ಬುಡಕಟ್ಟು ಸಂಪ್ರದಾಯದಂತೆ ವಿಶೇಷ ಪೂಜೆಯನ್ನು ಸಲ್ಲಿಸಿದರು. ನಂತರ, ಹಸುವಿನ ಶವವನ್ನು ಗ್ರಾಮದಲ್ಲಿ ಮೆರವಣಿಗೆ ಮಾಡಿ ಸಮಾಧಿ ಮಾಡಿದರು.
ಅನೈತಿಕ ಚಟುವಟಿಕೆಯ ತಾಣವಾದ ಅಂಗಡಿಗಳು, ಹರಾಜು ಹಾಕಲು ಅಧಿಕಾರಿಗಳಿಗೆ ಮನಸ್ಸಿಲ್ಲವೇ?
ಹೊಸದುರ್ಗ: ಪಟ್ಟಣದ ವಿವಿಧೆಡೆ ನಿರ್ಮಿಸಿರುವ ವಾಣಿಜ್ಯ ಮಳಿಗೆಗಳ ಹರಾಜು ಪ್ರಕ್ರಿಯೆ ನನೆಗುದಿಗೆ ಬಿದ್ದಿರುವ ಕಾರಣ ಮಳಿಗೆಗಳು ಅನೈತಿಕ ಚಟುವಟಿಕೆಗಳ ತಾಣವಾಗಿವೆ. ಪಟ್ಟಣ ಪಂಚಾಯಿತಿ ಬಸ್ ನಿಲ್ದಾಣದ ಸಮೀಪದಲ್ಲಿ ಪುರಸಭೆಗೆ, ಕ್ರೀಡಾ ಇಲಾಖೆಗೆ, ಎಪಿಎಂಸಿ ವ್ಯಾಪ್ತಿಗೆ ಸೇರಿದ ಮಳಿಗೆಗಳು ನಿರ್ಮಾಣವಾಗಿ ವರ್ಷಗಳೇ ಕಳೆದರೂ ಹರಾಜು ಹಾಕಿಲ್ಲ. ಮಳಿಗೆಗಳ ನಿರ್ಮಾಣ ಮಾಡಿದ ಬಳಿಕ ಅಧಿಕಾರಿಗಳು ಅದರತ್ತ ತಿರುಗಿ ನೋಡಿಲ್ಲ. ಇದರಿಂದ ಲಕ್ಷಾಂತರ ರೂಪಾಯಿ ವೆಚ್ಚದಲ್ಲಿ ನಿರ್ಮಿಸಿದ ಕಟ್ಟಡಗಳು ಹಾಳಾಗುತ್ತಿವೆ. ಮಳಿಗೆಗಳ ಬಾಗಿಲುಗಳು ಮುರಿದು ಹೋಗಿದ್ದು, ಒಳಗೆ ಮದ್ಯದ ಬಾಟಲಿಗಳು, ಸಿಗರೇಟ್ ತುಂಡುಗಳು ಬಿದ್ದಿವೆ.
ಯೋಜನೆಯಡಿ ೧.೧೯ ಕೋಟಿ ವೆಚ್ಚದಲ್ಲಿ ೨೧ ಮಳಿಗೆಗಳನ್ನು ನಿರ್ಮಿಸಲಾಗಿದೆ. ಜುಲೈ ೨೦೨೪ರಿಂದ ಉದ್ಘಾಟನೆಗೊಂಡಿದ್ದರೂ ಹರಾಜು ಪ್ರಕ್ರಿಯೆ ನಡೆದಿಲ್ಲ. ಮಳಿಗೆಗಳ ಬಾಗಿಲಿಗೆ ಬೀಗ ಇಲ್ಲ, ಕುಡುಕರ ತಾಣವಾಗಿದೆ. ಅಲ್ಲಲ್ಲಿ ಕಸದ ರಾಶಿಯಿದೆ. ಶೌಚಾಲಯ ವ್ಯವಸ್ಥೆಯೂ ಸರಿಯಾಗಿಲ್ಲ. ಕ್ರೀಡಾ ಇಲಾಖೆಯ ಮಳಿಗೆಗಳ ಸ್ಥಿತಿಯೂ ಇದಕ್ಕಿಂತ ಭಿನ್ನವಾಗಿಲ್ಲ. 'ಈ ಹಿಂದೆ ಮುಖ್ಯಾಧಿಕಾರಿಯಾಗಿದ್ದ ತಿಮ್ಮರಾಜು ಅವರ ಅವಧಿಯಲ್ಲಿ ಹರಾಜು ಪ್ರಕ್ರಿಯೆ ಆರಂಭವಾಗಿತ್ತು. ಕೆಲವರು ನ್ಯಾಯಾಲಯದ ಮೊರೆ ಹೋಗಿದ್ದರಿಂದ ಪ್ರಕ್ರಿಯೆ ಸ್ಥಗಿತಗೊಂಡಿದೆ. ಶೀಘ್ರದಲ್ಲೇ ಹರಾಜು ಹಾಕಲಾಗುವುದು' ಎಂದು ಪುರಸಭೆ ಮುಖ್ಯಾಧಿಕಾರಿ ತಿಳಿಸಿದರು.
ಎಪಿಎಂಸಿ ವ್ಯಾಪ್ತಿಯಲ್ಲಿ ೭೫ ಲಕ್ಷ ವೆಚ್ಚದಲ್ಲಿ ಮಳಿಗೆಗಳನ್ನು ನಿರ್ಮಿಸಿದ್ದು, ಮಾರ್ಚ್ ೨೦೨೪ ರಂದು ಉದ್ಘಾಟನೆ ಮಾಡಿದ್ದರೂ ಬಾಡಿಗೆಗೆ ನೀಡಿಲ್ಲ. ಹೀಗಾಗಿ ಖಾಲಿ ಬಿದ್ದ ಮಳಿಗೆಗಳು ಕತ್ತಲ ದಂಧೆಯ ತಾಣವಾಗಿವೆ. 'ಮಳಿಗೆ ಬಾಡಿಗೆ ಪಡೆದವರಿಗೆ ಮೂಲಸೌಕರ್ಯಗಳಾದ ಶೌಚಾಲಯ ಹಾಗೂ ಕುಡಿಯುವ ನೀರು ಕಲ್ಪಿಸುವ ಉದ್ದೇಶದಿಂದ ಕಾಲಾವಕಾಶ ಪಡೆಯಲಾಗಿದೆ. ಶೀಘ್ರವೇ ಹರಾಜು ಪ್ರಕ್ರಿಯೆ ನಡೆಸಲಾಗುವುದು. ಪುರಸಭೆ ವತಿಯಿಂದ ಖಾಸಗಿ ಬಸ್ ನಿಲ್ದಾಣದ ಬಳಿ ನಿರ್ಮಿಸಿರುವ ಮಳಿಗೆಗಳ ಹರಾಜು ಪ್ರಕ್ರಿಯೆ ಶೀಘ್ರದಲ್ಲೇ ನಡೆಯಲಿದೆ' ಎಂದು ವ್ಯಾಪಾರಿ ಶಂಕರಪ್ಪ ಒತ್ತಾಯಿಸಿದರು.
